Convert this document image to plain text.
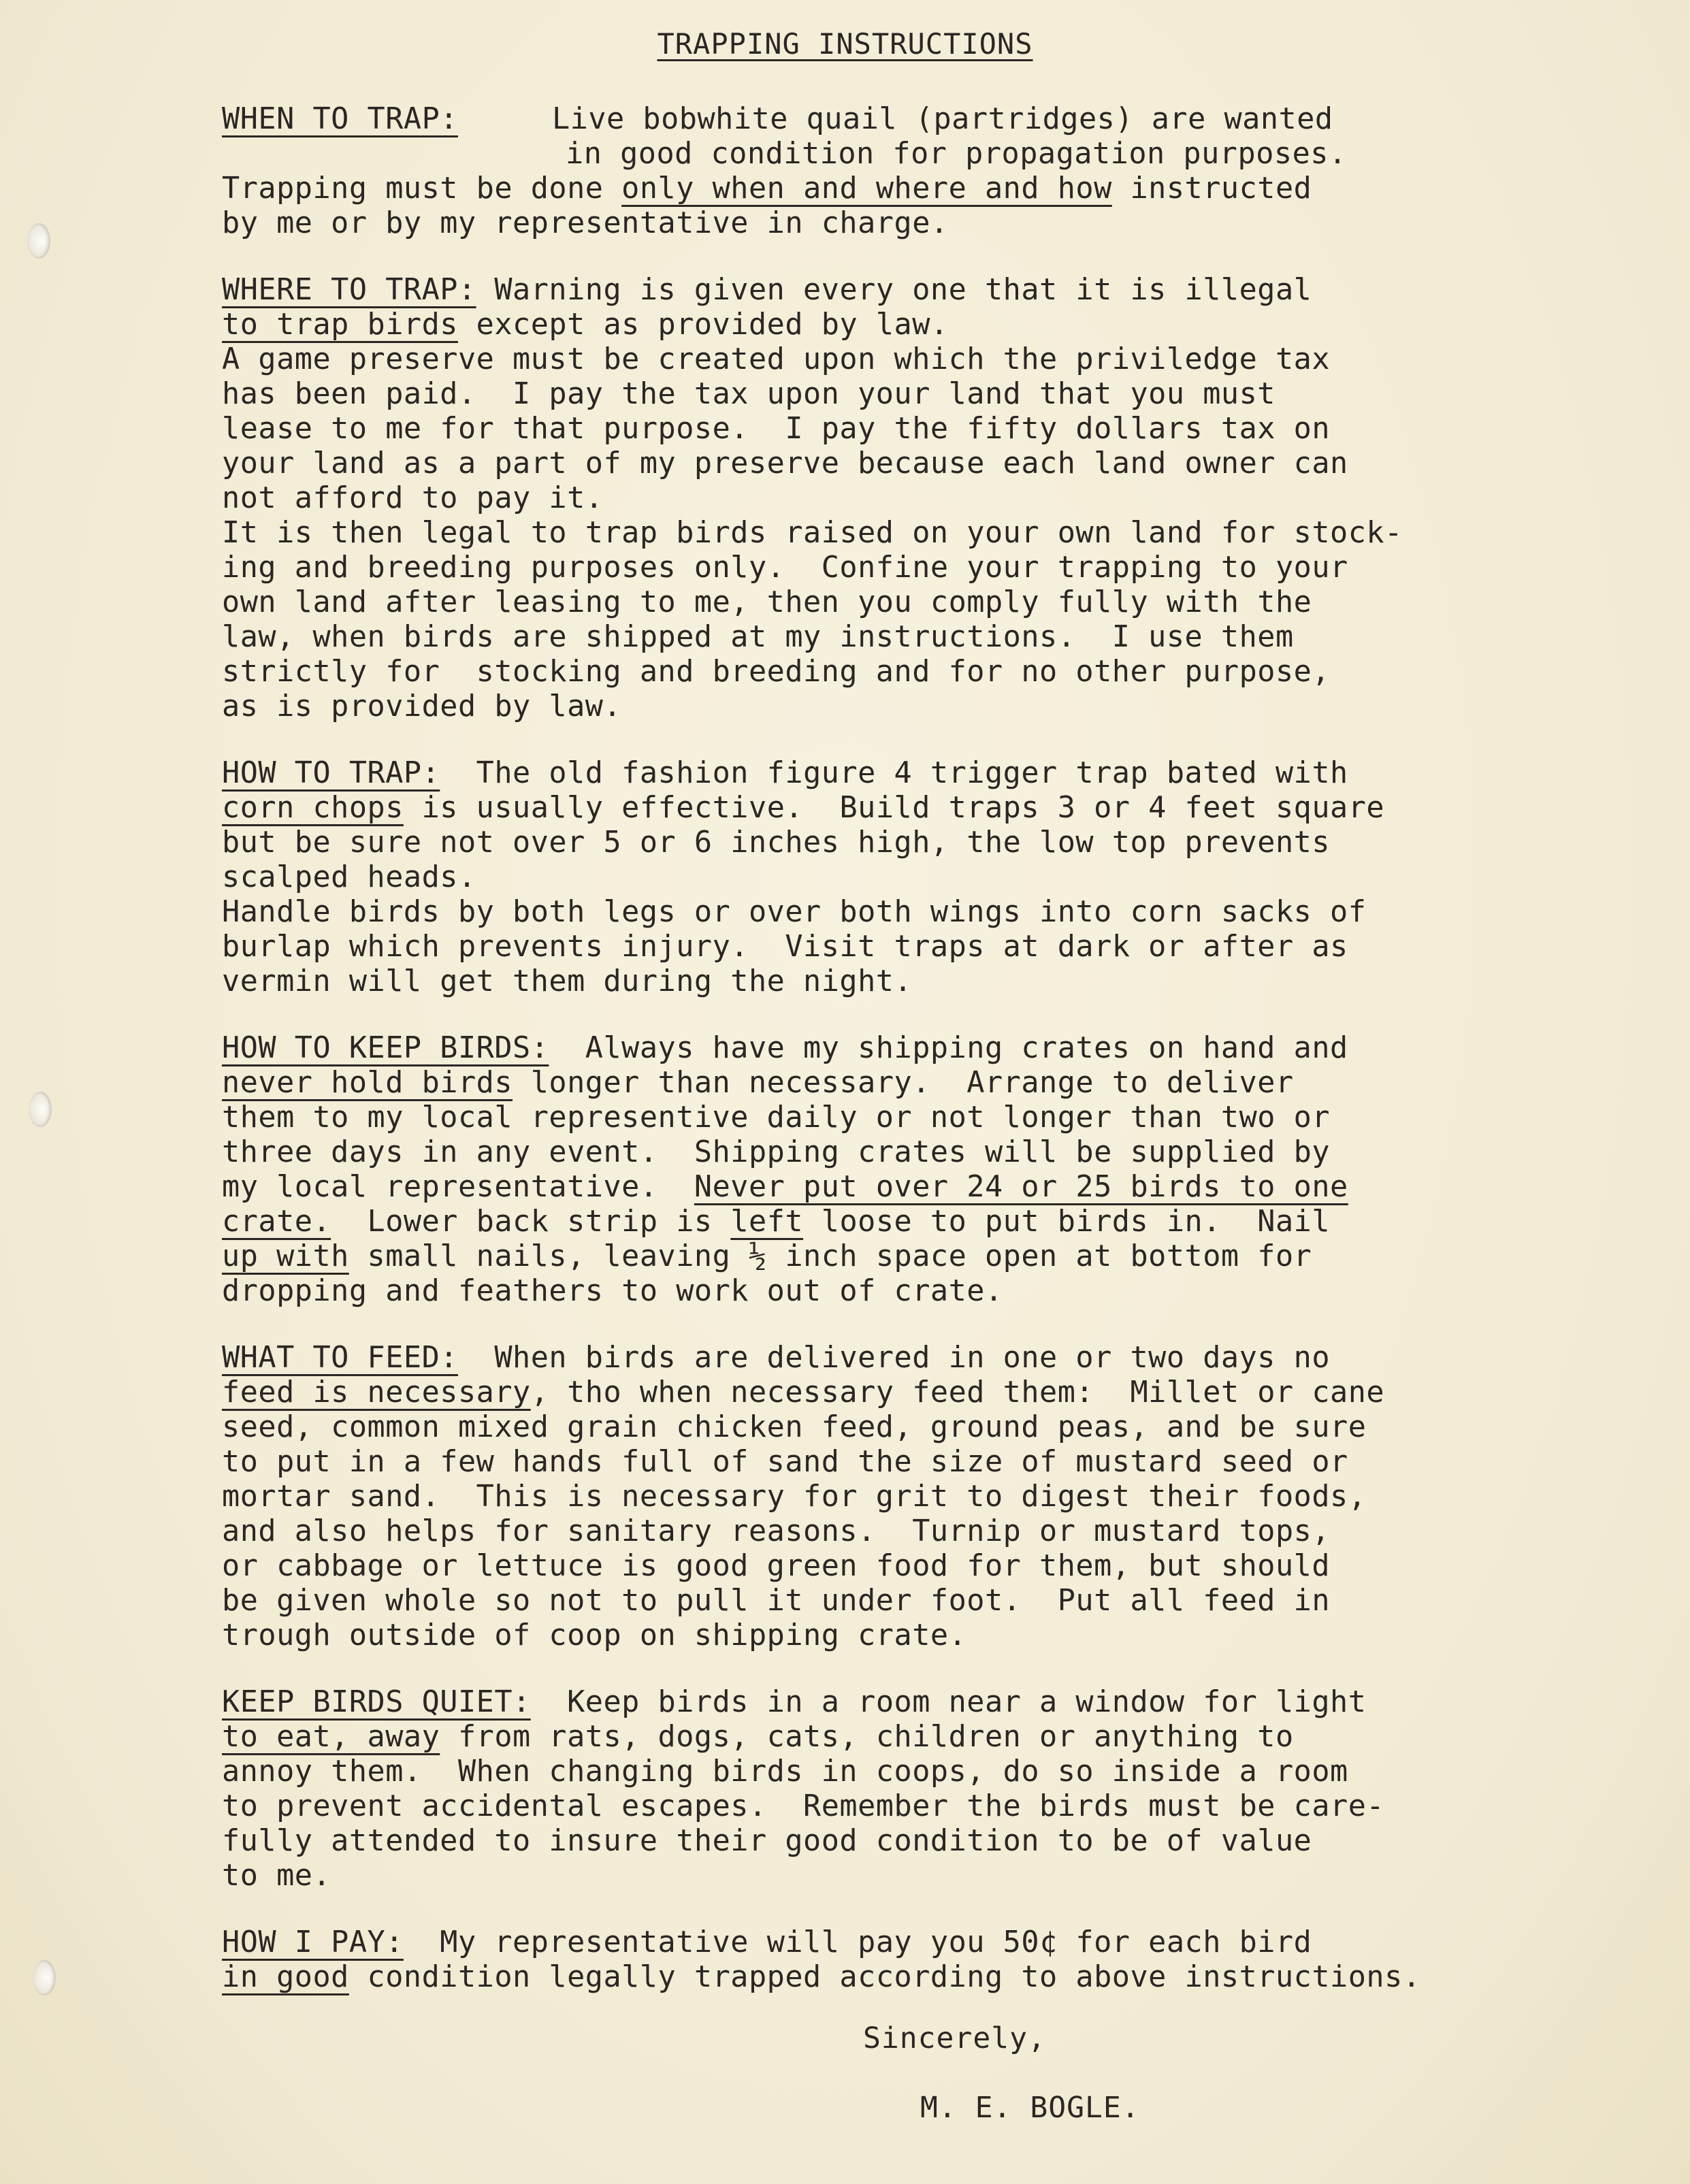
TRAPPING INSTRUCTIONS
WHEN TO TRAP:	Live bobwhite quail (partridges) are wanted
in good condition for propagation purposes.
Trapping must be done only when and where and how instructed
by me or by my representative in charge.
WHERE TO TRAP: Warning is given every one that it is illegal
to trap birds except as provided by law.
A game preserve must be created upon which the priviledge tax
has been paid.  I pay the tax upon your land that you must
lease to me for that purpose.  I pay the fifty dollars tax on
your land as a part of my preserve because each land owner can
not afford to pay it.
It is then legal to trap birds raised on your own land for stock-
ing and breeding purposes only.  Confine your trapping to your
own land after leasing to me, then you comply fully with the
law, when birds are shipped at my instructions.  I use them
strictly for  stocking and breeding and for no other purpose,
as is provided by law.
HOW TO TRAP:  The old fashion figure 4 trigger trap bated with
corn chops is usually effective.  Build traps 3 or 4 feet square
but be sure not over 5 or 6 inches high, the low top prevents
scalped heads.
Handle birds by both legs or over both wings into corn sacks of
burlap which prevents injury.  Visit traps at dark or after as
vermin will get them during the night.
HOW TO KEEP BIRDS:  Always have my shipping crates on hand and
never hold birds longer than necessary.  Arrange to deliver
them to my local representive daily or not longer than two or
three days in any event.  Shipping crates will be supplied by
my local representative.  Never put over 24 or 25 birds to one
crate.  Lower back strip is left loose to put birds in.  Nail
up with small nails, leaving ½ inch space open at bottom for
dropping and feathers to work out of crate.
WHAT TO FEED:  When birds are delivered in one or two days no
feed is necessary, tho when necessary feed them:  Millet or cane
seed, common mixed grain chicken feed, ground peas, and be sure
to put in a few hands full of sand the size of mustard seed or
mortar sand.  This is necessary for grit to digest their foods,
and also helps for sanitary reasons.  Turnip or mustard tops,
or cabbage or lettuce is good green food for them, but should
be given whole so not to pull it under foot.  Put all feed in
trough outside of coop on shipping crate.
KEEP BIRDS QUIET:  Keep birds in a room near a window for light
to eat, away from rats, dogs, cats, children or anything to
annoy them.  When changing birds in coops, do so inside a room
to prevent accidental escapes.  Remember the birds must be care-
fully attended to insure their good condition to be of value
to me.
HOW I PAY:  My representative will pay you 50¢ for each bird
in good condition legally trapped according to above instructions.
Sincerely,
M. E. BOGLE.
